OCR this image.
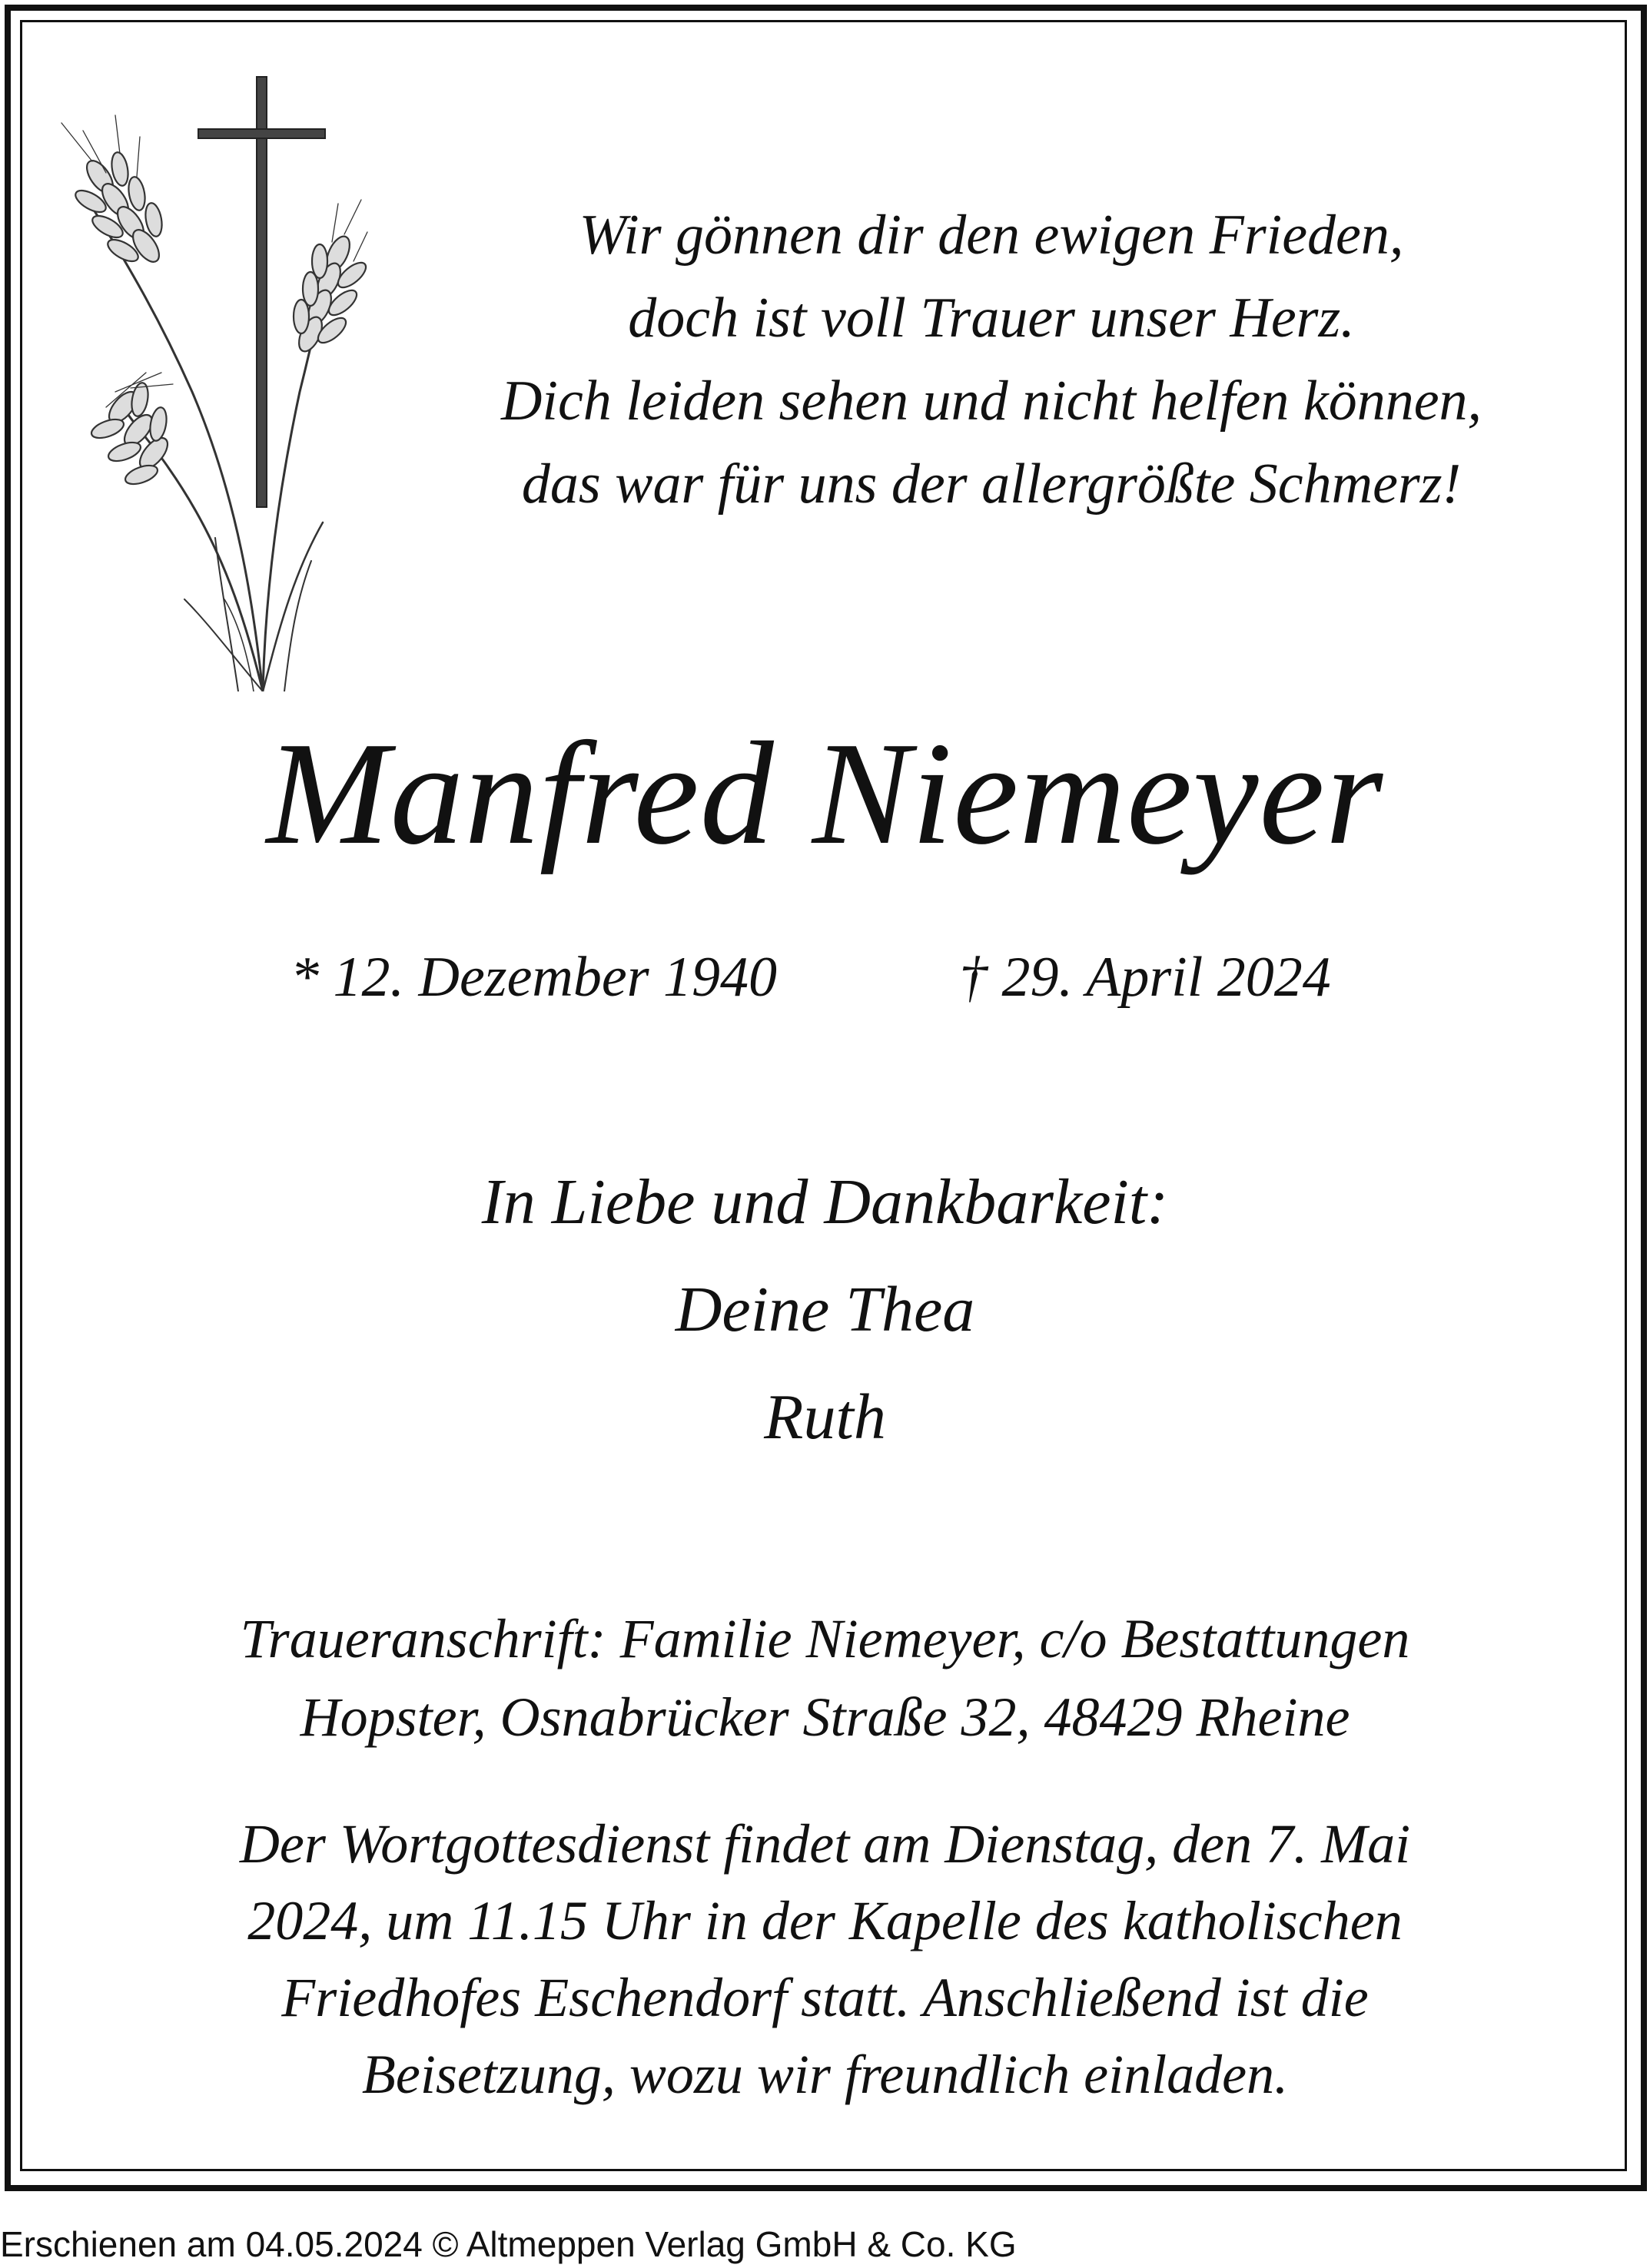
Wir gönnen dir den ewigen Frieden,
doch ist voll Trauer unser Herz.
Dich leiden sehen und nicht helfen können,
das war für uns der allergrößte Schmerz!
Manfred Niemeyer
* 12. Dezember 1940	† 29. April 2024
In Liebe und Dankbarkeit:
Deine Thea
Ruth
Traueranschrift: Familie Niemeyer, c/o Bestattungen
Hopster, Osnabrücker Straße 32, 48429 Rheine
Der Wortgottesdienst findet am Dienstag, den 7. Mai
2024, um 11.15 Uhr in der Kapelle des katholischen
Friedhofes Eschendorf statt. Anschließend ist die
Beisetzung, wozu wir freundlich einladen.
Erschienen am 04.05.2024 © Altmeppen Verlag GmbH & Co. KG
